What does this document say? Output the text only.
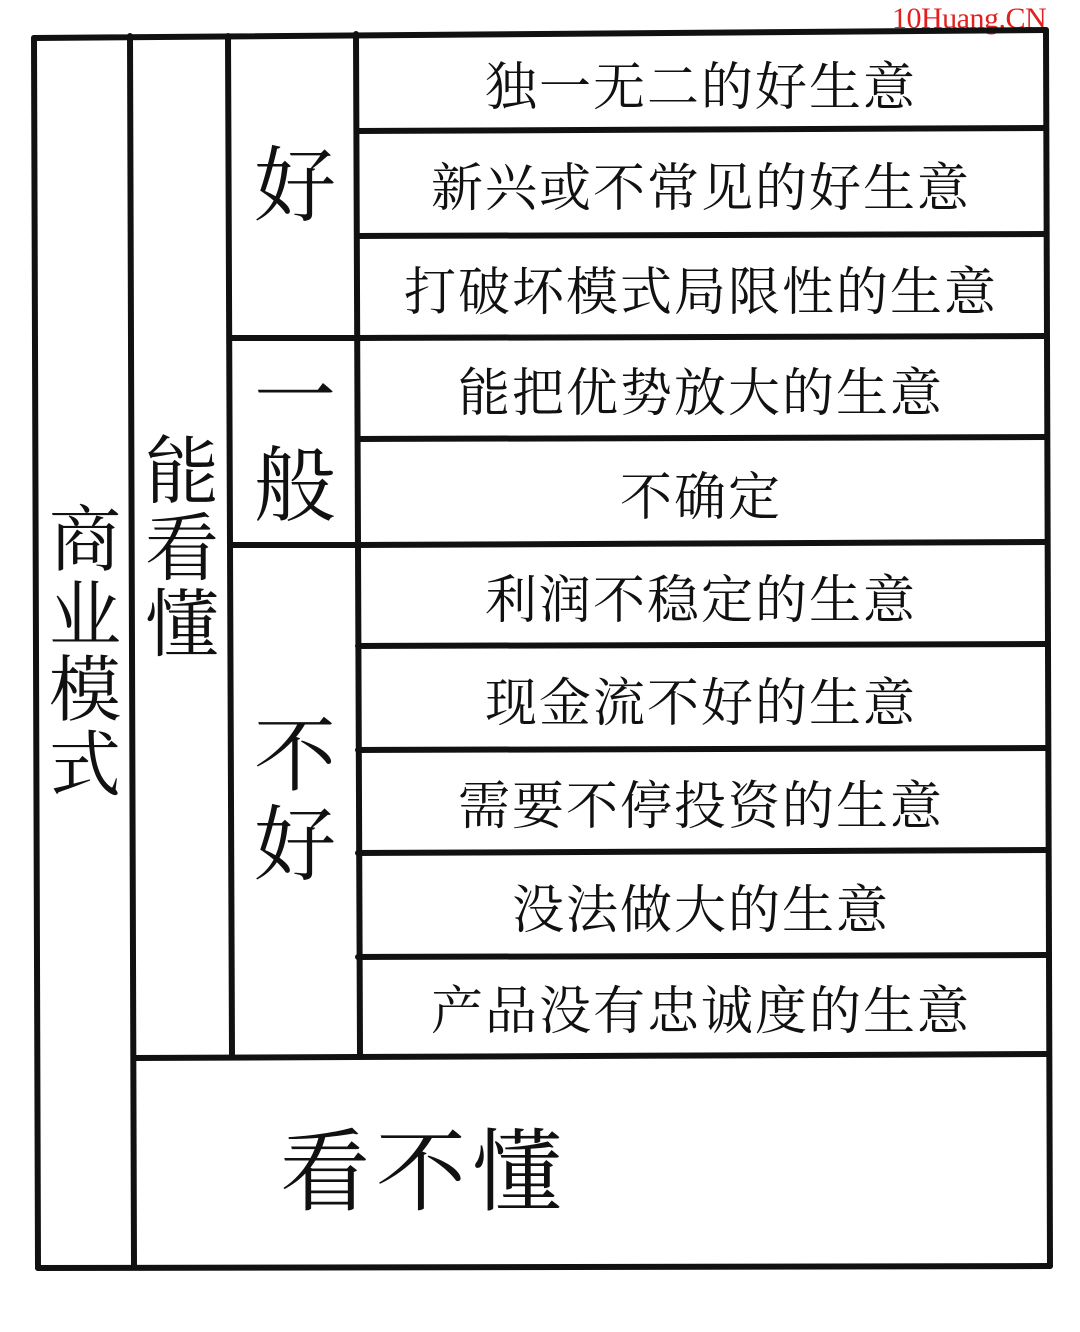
10Huang.CN
商
业
模
式
能
看
懂
好
一
般
不
好
独一无二的好生意
新兴或不常见的好生意
打破坏模式局限性的生意
能把优势放大的生意
不确定
利润不稳定的生意
现金流不好的生意
需要不停投资的生意
没法做大的生意
产品没有忠诚度的生意
看不懂
